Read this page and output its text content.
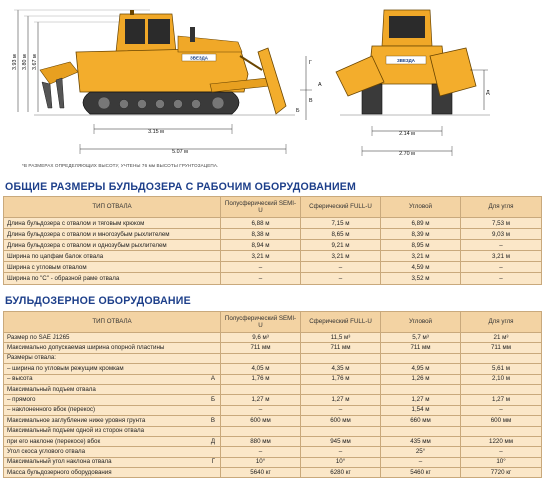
3.93 м 3.80 м 3.67 м	ЗВЕЗДА
Г
В
А
Б
3.15 м
5.07 м
ЗВЕЗДА
Д
2.14 м
2.70 м
*В РАЗМЕРАХ ОПРЕДЕЛЯЮЩИХ ВЫСОТУ, УЧТЕНЫ 76 мм ВЫСОТЫ ГРУНТОЗАЦЕПА.
ОБЩИЕ РАЗМЕРЫ БУЛЬДОЗЕРА С РАБОЧИМ ОБОРУДОВАНИЕМ
ТИП ОТВАЛА	Полусферический SEMI-U	Сферический FULL-U	Угловой	Для угля
Длина бульдозера с отвалом и тяговым крюком	6,88 м	7,15 м	6,89 м	7,53 м
Длина бульдозера с отвалом и многозубым рыхлителем	8,38 м	8,65 м	8,39 м	9,03 м
Длина бульдозера с отвалом и однозубым рыхлителем	8,94 м	9,21 м	8,95 м	–
Ширина по цапфам балок отвала	3,21 м	3,21 м	3,21 м	3,21 м
Ширина с угловым отвалом	–	–	4,59 м	–
Ширина по "С" - образной раме отвала	–	–	3,52 м	–
БУЛЬДОЗЕРНОЕ ОБОРУДОВАНИЕ
ТИП ОТВАЛА		Полусферический SEMI-U	Сферический FULL-U	Угловой	Для угля
Размер по SAE J1265		9,6 м³	11,5 м³	5,7 м³	21 м³
Максимально допускаемая ширина опорной пластины		711 мм	711 мм	711 мм	711 мм
Размеры отвала:					
– ширина по угловым режущим кромкам		4,05 м	4,35 м	4,95 м	5,61 м
– высота	А	1,76 м	1,76 м	1,26 м	2,10 м
Максимальный подъем отвала					
– прямого	Б	1,27 м	1,27 м	1,27 м	1,27 м
– наклоненного вбок (перекос)		–	–	1,54 м	–
Максимальное заглубление ниже уровня грунта	В	600 мм	600 мм	660 мм	600 мм
Максимальный подъем одной из сторон отвала					
при его наклоне (перекосе) вбок	Д	880 мм	945 мм	435 мм	1220 мм
Угол скоса углового отвала		–	–	25°	–
Максимальный угол наклона отвала	Г	10°	10°	–	10°
Масса бульдозерного оборудования		5640 кг	6280 кг	5460 кг	7720 кг
